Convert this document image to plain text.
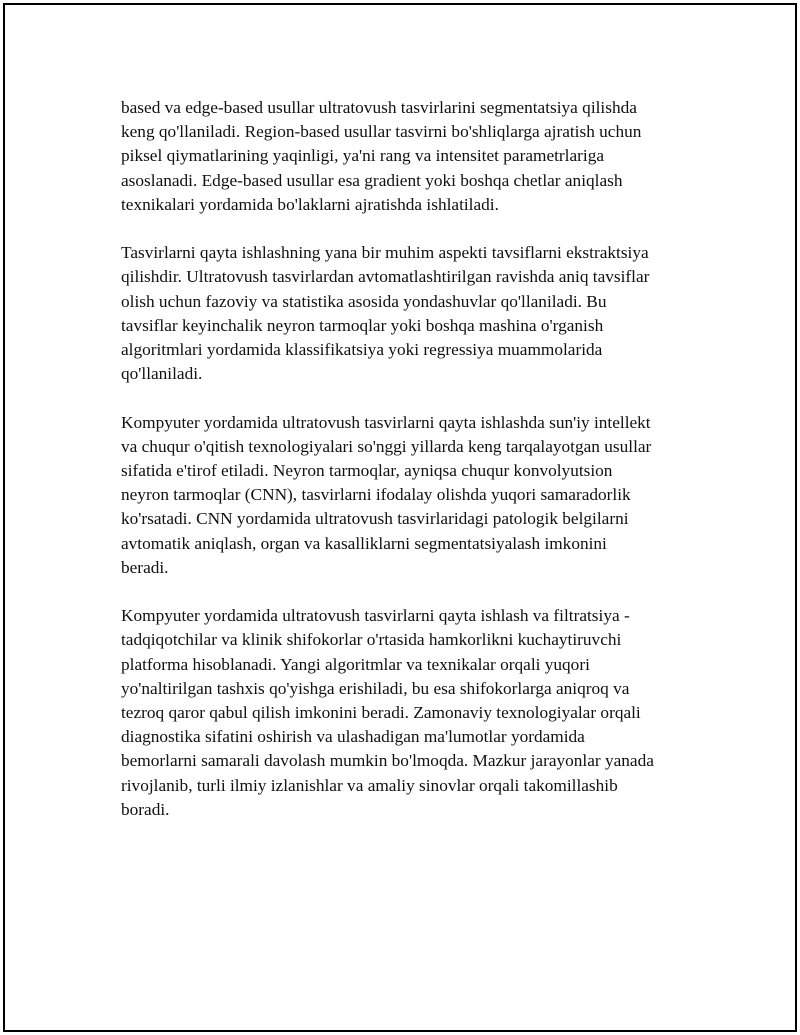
based va edge-based usullar ultratovush tasvirlarini segmentatsiya qilishda
keng qo'llaniladi. Region-based usullar tasvirni bo'shliqlarga ajratish uchun
piksel qiymatlarining yaqinligi, ya'ni rang va intensitet parametrlariga
asoslanadi. Edge-based usullar esa gradient yoki boshqa chetlar aniqlash
texnikalari yordamida bo'laklarni ajratishda ishlatiladi.

Tasvirlarni qayta ishlashning yana bir muhim aspekti tavsiflarni ekstraktsiya
qilishdir. Ultratovush tasvirlardan avtomatlashtirilgan ravishda aniq tavsiflar
olish uchun fazoviy va statistika asosida yondashuvlar qo'llaniladi. Bu
tavsiflar keyinchalik neyron tarmoqlar yoki boshqa mashina o'rganish
algoritmlari yordamida klassifikatsiya yoki regressiya muammolarida
qo'llaniladi.

Kompyuter yordamida ultratovush tasvirlarni qayta ishlashda sun'iy intellekt
va chuqur o'qitish texnologiyalari so'nggi yillarda keng tarqalayotgan usullar
sifatida e'tirof etiladi. Neyron tarmoqlar, ayniqsa chuqur konvolyutsion
neyron tarmoqlar (CNN), tasvirlarni ifodalay olishda yuqori samaradorlik
ko'rsatadi. CNN yordamida ultratovush tasvirlaridagi patologik belgilarni
avtomatik aniqlash, organ va kasalliklarni segmentatsiyalash imkonini
beradi.

Kompyuter yordamida ultratovush tasvirlarni qayta ishlash va filtratsiya -
tadqiqotchilar va klinik shifokorlar o'rtasida hamkorlikni kuchaytiruvchi
platforma hisoblanadi. Yangi algoritmlar va texnikalar orqali yuqori
yo'naltirilgan tashxis qo'yishga erishiladi, bu esa shifokorlarga aniqroq va
tezroq qaror qabul qilish imkonini beradi. Zamonaviy texnologiyalar orqali
diagnostika sifatini oshirish va ulashadigan ma'lumotlar yordamida
bemorlarni samarali davolash mumkin bo'lmoqda. Mazkur jarayonlar yanada
rivojlanib, turli ilmiy izlanishlar va amaliy sinovlar orqali takomillashib
boradi.
